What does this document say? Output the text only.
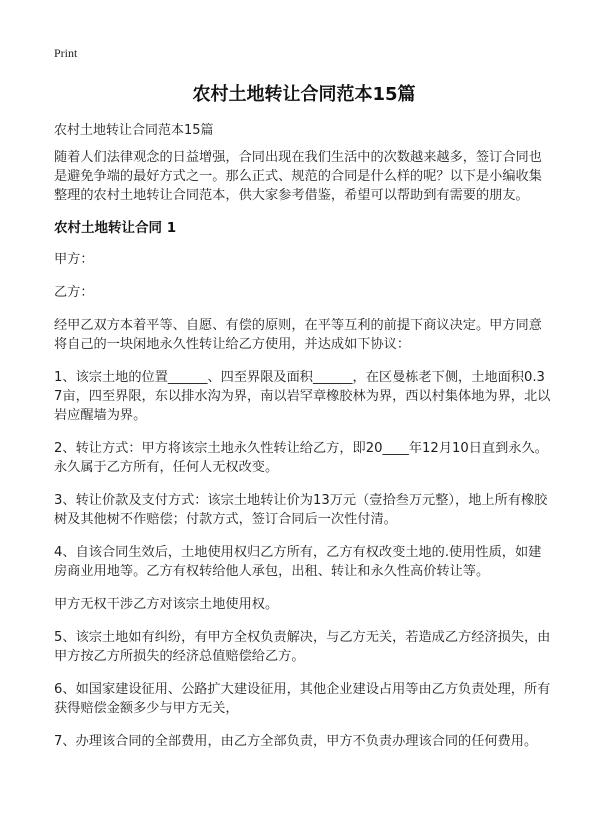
Print
农村土地转让合同范本15篇
农村土地转让合同范本15篇

随着人们法律观念的日益增强，合同出现在我们生活中的次数越来越多，签订合同也是避免争端的最好方式之一。那么正式、规范的合同是什么样的呢？以下是小编收集整理的农村土地转让合同范本，供大家参考借鉴，希望可以帮助到有需要的朋友。

农村土地转让合同 1

甲方：

乙方：

经甲乙双方本着平等、自愿、有偿的原则，在平等互利的前提下商议决定。甲方同意将自己的一块闲地永久性转让给乙方使用，并达成如下协议：

1、该宗土地的位置______、四至界限及面积______，在区曼栋老下侧，土地面积0.37亩，四至界限，东以排水沟为界，南以岩罕章橡胶林为界，西以村集体地为界，北以岩应醒墙为界。

2、转让方式：甲方将该宗土地永久性转让给乙方，即20____年12月10日直到永久。永久属于乙方所有，任何人无权改变。

3、转让价款及支付方式：该宗土地转让价为13万元（壹拾叁万元整），地上所有橡胶树及其他树不作赔偿；付款方式，签订合同后一次性付清。

4、自该合同生效后，土地使用权归乙方所有，乙方有权改变土地的.使用性质，如建房商业用地等。乙方有权转给他人承包，出租、转让和永久性高价转让等。

甲方无权干涉乙方对该宗土地使用权。

5、该宗土地如有纠纷，有甲方全权负责解决，与乙方无关，若造成乙方经济损失，由甲方按乙方所损失的经济总值赔偿给乙方。

6、如国家建设征用、公路扩大建设征用，其他企业建设占用等由乙方负责处理，所有获得赔偿金额多少与甲方无关，

7、办理该合同的全部费用，由乙方全部负责，甲方不负责办理该合同的任何费用。
